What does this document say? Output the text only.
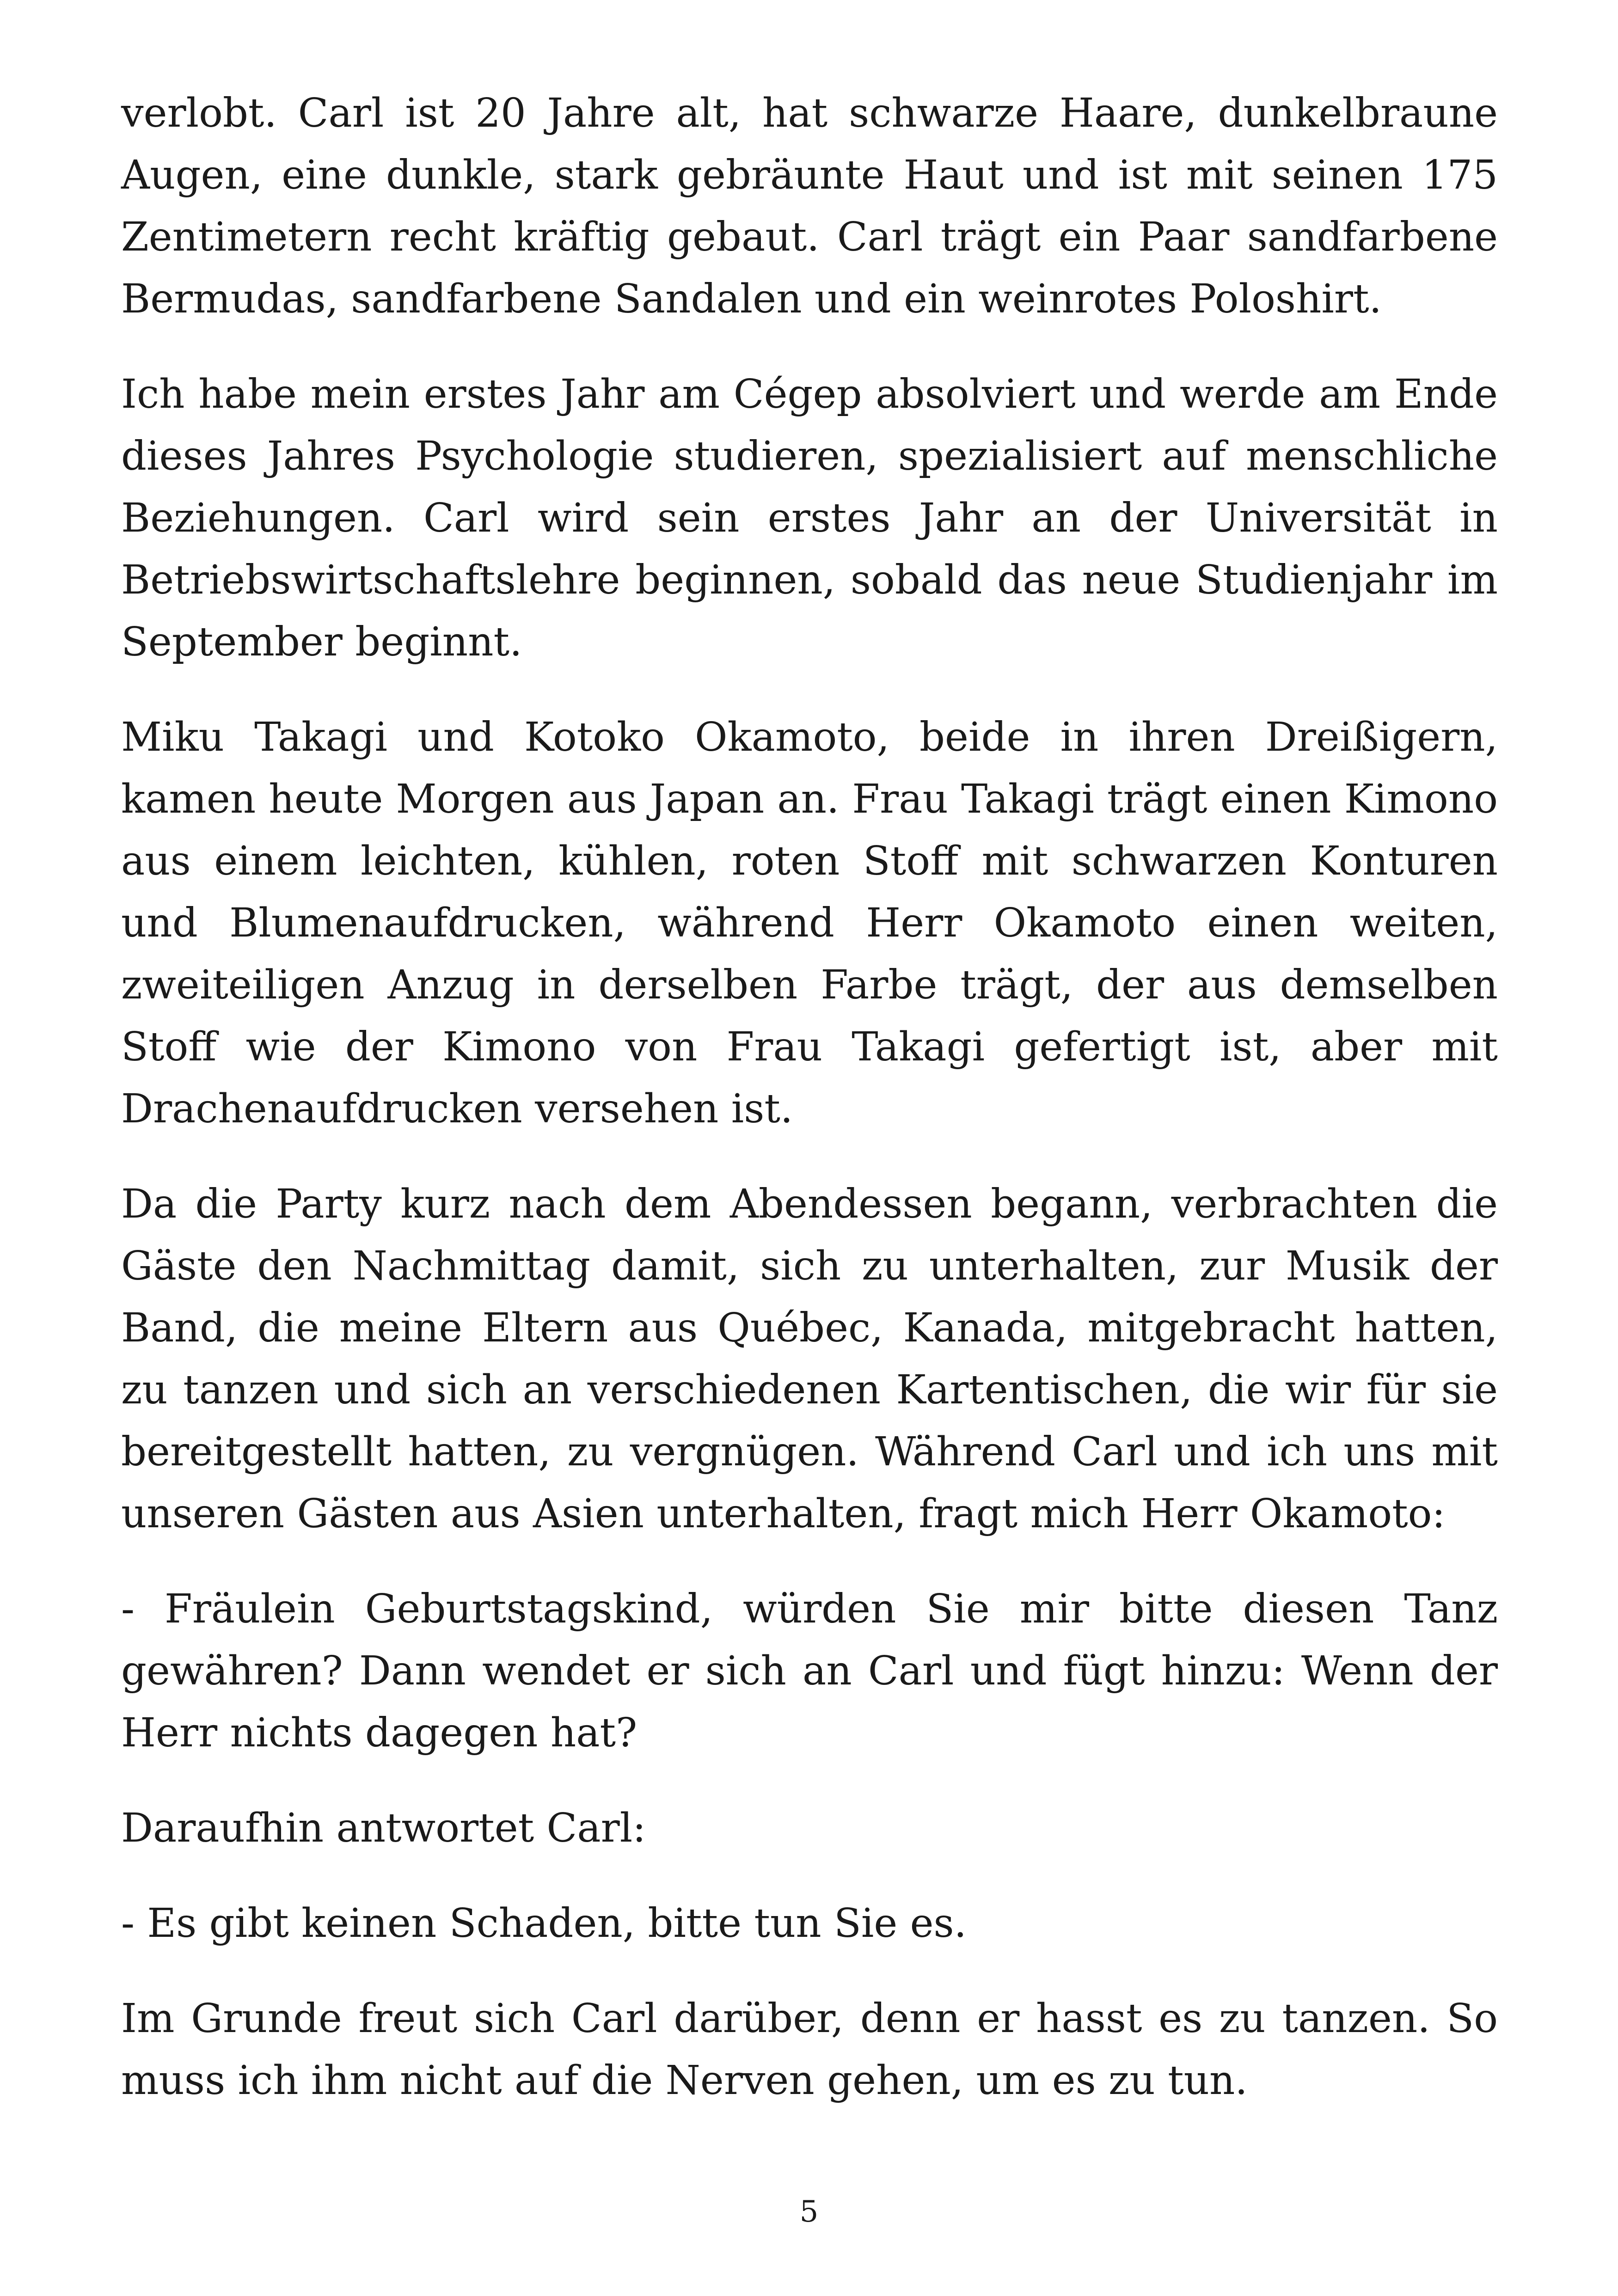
verlobt. Carl ist 20 Jahre alt, hat schwarze Haare, dunkelbraune Augen, eine dunkle, stark gebräunte Haut und ist mit seinen 175 Zentimetern recht kräftig gebaut. Carl trägt ein Paar sandfarbene Bermudas, sandfarbene Sandalen und ein weinrotes Poloshirt.

Ich habe mein erstes Jahr am Cégep absolviert und werde am Ende dieses Jahres Psychologie studieren, spezialisiert auf menschliche Beziehungen. Carl wird sein erstes Jahr an der Universität in Betriebswirtschaftslehre beginnen, sobald das neue Studienjahr im September beginnt.

Miku Takagi und Kotoko Okamoto, beide in ihren Dreißigern, kamen heute Morgen aus Japan an. Frau Takagi trägt einen Kimono aus einem leichten, kühlen, roten Stoff mit schwarzen Konturen und Blumenaufdrucken, während Herr Okamoto einen weiten, zweiteiligen Anzug in derselben Farbe trägt, der aus demselben Stoff wie der Kimono von Frau Takagi gefertigt ist, aber mit Drachenaufdrucken versehen ist.

Da die Party kurz nach dem Abendessen begann, verbrachten die Gäste den Nachmittag damit, sich zu unterhalten, zur Musik der Band, die meine Eltern aus Québec, Kanada, mitgebracht hatten, zu tanzen und sich an verschiedenen Kartentischen, die wir für sie bereitgestellt hatten, zu vergnügen. Während Carl und ich uns mit unseren Gästen aus Asien unterhalten, fragt mich Herr Okamoto:

- Fräulein Geburtstagskind, würden Sie mir bitte diesen Tanz gewähren? Dann wendet er sich an Carl und fügt hinzu: Wenn der Herr nichts dagegen hat?

Daraufhin antwortet Carl:

- Es gibt keinen Schaden, bitte tun Sie es.

Im Grunde freut sich Carl darüber, denn er hasst es zu tanzen. So muss ich ihm nicht auf die Nerven gehen, um es zu tun.

5
